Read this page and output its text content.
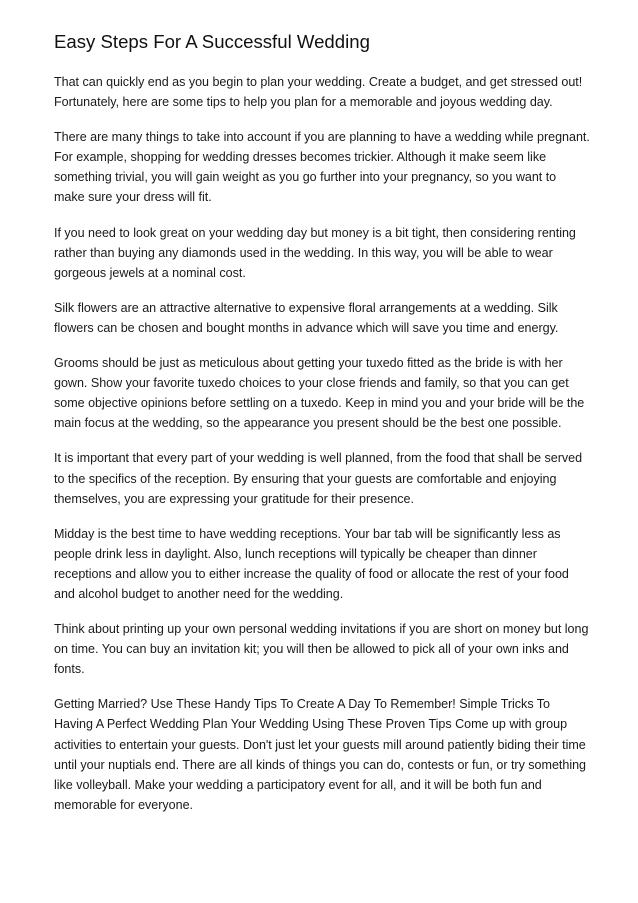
Easy Steps For A Successful Wedding

That can quickly end as you begin to plan your wedding. Create a budget, and get stressed out! Fortunately, here are some tips to help you plan for a memorable and joyous wedding day.

There are many things to take into account if you are planning to have a wedding while pregnant. For example, shopping for wedding dresses becomes trickier. Although it make seem like something trivial, you will gain weight as you go further into your pregnancy, so you want to make sure your dress will fit.

If you need to look great on your wedding day but money is a bit tight, then considering renting rather than buying any diamonds used in the wedding. In this way, you will be able to wear gorgeous jewels at a nominal cost.

Silk flowers are an attractive alternative to expensive floral arrangements at a wedding. Silk flowers can be chosen and bought months in advance which will save you time and energy.

Grooms should be just as meticulous about getting your tuxedo fitted as the bride is with her gown. Show your favorite tuxedo choices to your close friends and family, so that you can get some objective opinions before settling on a tuxedo. Keep in mind you and your bride will be the main focus at the wedding, so the appearance you present should be the best one possible.

It is important that every part of your wedding is well planned, from the food that shall be served to the specifics of the reception. By ensuring that your guests are comfortable and enjoying themselves, you are expressing your gratitude for their presence.

Midday is the best time to have wedding receptions. Your bar tab will be significantly less as people drink less in daylight. Also, lunch receptions will typically be cheaper than dinner receptions and allow you to either increase the quality of food or allocate the rest of your food and alcohol budget to another need for the wedding.

Think about printing up your own personal wedding invitations if you are short on money but long on time. You can buy an invitation kit; you will then be allowed to pick all of your own inks and fonts.

Getting Married? Use These Handy Tips To Create A Day To Remember! Simple Tricks To Having A Perfect Wedding Plan Your Wedding Using These Proven Tips Come up with group activities to entertain your guests. Don't just let your guests mill around patiently biding their time until your nuptials end. There are all kinds of things you can do, contests or fun, or try something like volleyball. Make your wedding a participatory event for all, and it will be both fun and memorable for everyone.
